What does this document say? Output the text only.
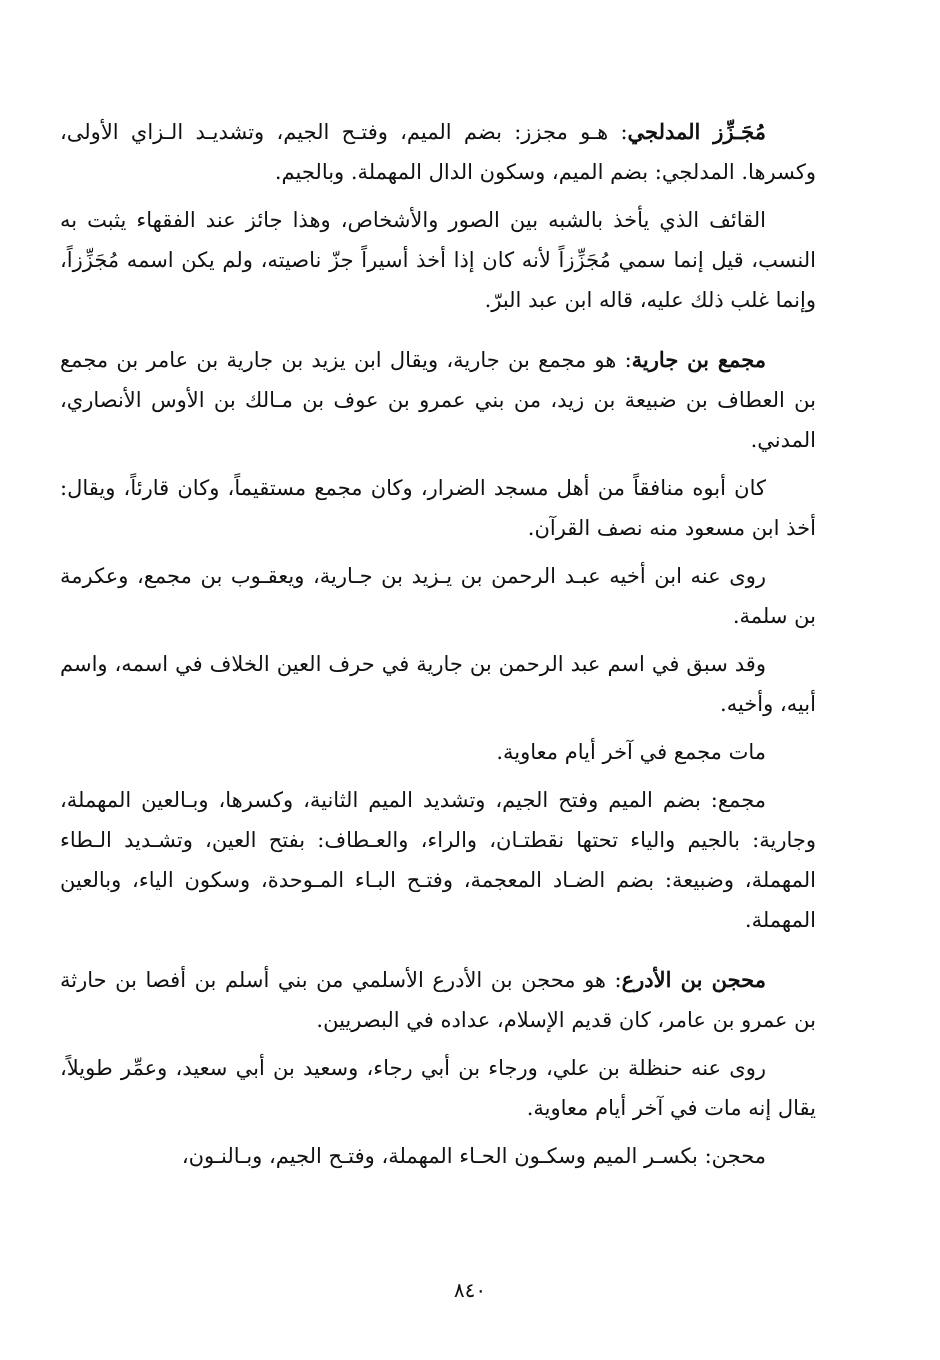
مُجَـزِّز المدلجي: هـو مجزز: بضم الميم، وفتـح الجيم، وتشديـد الـزاي الأولى، وكسرها. المدلجي: بضم الميم، وسكون الدال المهملة. وبالجيم.

القائف الذي يأخذ بالشبه بين الصور والأشخاص، وهذا جائز عند الفقهاء يثبت به النسب، قيل إنما سمي مُجَزِّزاً لأنه كان إذا أخذ أسيراً جزّ ناصيته، ولم يكن اسمه مُجَزِّزاً، وإنما غلب ذلك عليه، قاله ابن عبد البرّ.

مجمع بن جارية: هو مجمع بن جارية، ويقال ابن يزيد بن جارية بن عامر بن مجمع بن العطاف بن ضبيعة بن زيد، من بني عمرو بن عوف بن مـالك بن الأوس الأنصاري، المدني.

كان أبوه منافقاً من أهل مسجد الضرار، وكان مجمع مستقيماً، وكان قارئاً، ويقال: أخذ ابن مسعود منه نصف القرآن.

روى عنه ابن أخيه عبـد الرحمن بن يـزيد بن جـارية، ويعقـوب بن مجمع، وعكرمة بن سلمة.

وقد سبق في اسم عبد الرحمن بن جارية في حرف العين الخلاف في اسمه، واسم أبيه، وأخيه.

مات مجمع في آخر أيام معاوية.

مجمع: بضم الميم وفتح الجيم، وتشديد الميم الثانية، وكسرها، وبـالعين المهملة، وجارية: بالجيم والياء تحتها نقطتـان، والراء، والعـطاف: بفتح العين، وتشـديد الـطاء المهملة، وضبيعة: بضم الضـاد المعجمة، وفتـح البـاء المـوحدة، وسكون الياء، وبالعين المهملة.

محجن بن الأدرع: هو محجن بن الأدرع الأسلمي من بني أسلم بن أفصا بن حارثة بن عمرو بن عامر، كان قديم الإسلام، عداده في البصريين.

روى عنه حنظلة بن علي، ورجاء بن أبي رجاء، وسعيد بن أبي سعيد، وعمِّر طويلاً، يقال إنه مات في آخر أيام معاوية.

محجن: بكسـر الميم وسكـون الحـاء المهملة، وفتـح الجيم، وبـالنـون،

٨٤٠
